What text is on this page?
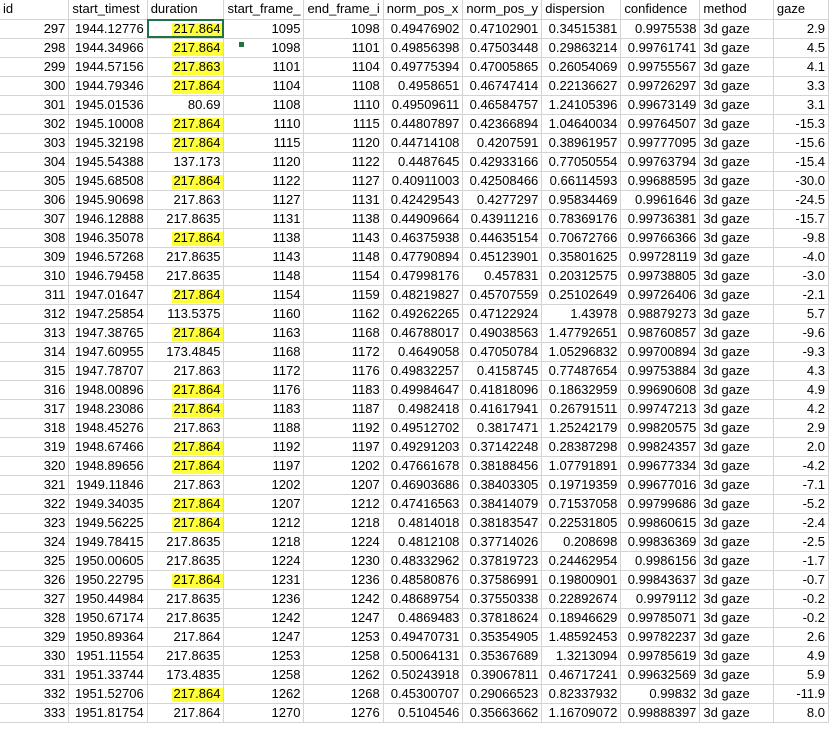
id	start_timest	duration	start_frame_	end_frame_i	norm_pos_x	norm_pos_y	dispersion	confidence	method	gaze
297	1944.12776	217.864	1095	1098	0.49476902	0.47102901	0.34515381	0.9975538	3d gaze	2.9
298	1944.34966	217.864	1098	1101	0.49856398	0.47503448	0.29863214	0.99761741	3d gaze	4.5
299	1944.57156	217.863	1101	1104	0.49775394	0.47005865	0.26054069	0.99755567	3d gaze	4.1
300	1944.79346	217.864	1104	1108	0.4958651	0.46747414	0.22136627	0.99726297	3d gaze	3.3
301	1945.01536	80.69	1108	1110	0.49509611	0.46584757	1.24105396	0.99673149	3d gaze	3.1
302	1945.10008	217.864	1110	1115	0.44807897	0.42366894	1.04640034	0.99764507	3d gaze	-15.3
303	1945.32198	217.864	1115	1120	0.44714108	0.4207591	0.38961957	0.99777095	3d gaze	-15.6
304	1945.54388	137.173	1120	1122	0.4487645	0.42933166	0.77050554	0.99763794	3d gaze	-15.4
305	1945.68508	217.864	1122	1127	0.40911003	0.42508466	0.66114593	0.99688595	3d gaze	-30.0
306	1945.90698	217.863	1127	1131	0.42429543	0.4277297	0.95834469	0.9961646	3d gaze	-24.5
307	1946.12888	217.8635	1131	1138	0.44909664	0.43911216	0.78369176	0.99736381	3d gaze	-15.7
308	1946.35078	217.864	1138	1143	0.46375938	0.44635154	0.70672766	0.99766366	3d gaze	-9.8
309	1946.57268	217.8635	1143	1148	0.47790894	0.45123901	0.35801625	0.99728119	3d gaze	-4.0
310	1946.79458	217.8635	1148	1154	0.47998176	0.457831	0.20312575	0.99738805	3d gaze	-3.0
311	1947.01647	217.864	1154	1159	0.48219827	0.45707559	0.25102649	0.99726406	3d gaze	-2.1
312	1947.25854	113.5375	1160	1162	0.49262265	0.47122924	1.43978	0.98879273	3d gaze	5.7
313	1947.38765	217.864	1163	1168	0.46788017	0.49038563	1.47792651	0.98760857	3d gaze	-9.6
314	1947.60955	173.4845	1168	1172	0.4649058	0.47050784	1.05296832	0.99700894	3d gaze	-9.3
315	1947.78707	217.863	1172	1176	0.49832257	0.4158745	0.77487654	0.99753884	3d gaze	4.3
316	1948.00896	217.864	1176	1183	0.49984647	0.41818096	0.18632959	0.99690608	3d gaze	4.9
317	1948.23086	217.864	1183	1187	0.4982418	0.41617941	0.26791511	0.99747213	3d gaze	4.2
318	1948.45276	217.863	1188	1192	0.49512702	0.3817471	1.25242179	0.99820575	3d gaze	2.9
319	1948.67466	217.864	1192	1197	0.49291203	0.37142248	0.28387298	0.99824357	3d gaze	2.0
320	1948.89656	217.864	1197	1202	0.47661678	0.38188456	1.07791891	0.99677334	3d gaze	-4.2
321	1949.11846	217.863	1202	1207	0.46903686	0.38403305	0.19719359	0.99677016	3d gaze	-7.1
322	1949.34035	217.864	1207	1212	0.47416563	0.38414079	0.71537058	0.99799686	3d gaze	-5.2
323	1949.56225	217.864	1212	1218	0.4814018	0.38183547	0.22531805	0.99860615	3d gaze	-2.4
324	1949.78415	217.8635	1218	1224	0.4812108	0.37714026	0.208698	0.99836369	3d gaze	-2.5
325	1950.00605	217.8635	1224	1230	0.48332962	0.37819723	0.24462954	0.9986156	3d gaze	-1.7
326	1950.22795	217.864	1231	1236	0.48580876	0.37586991	0.19800901	0.99843637	3d gaze	-0.7
327	1950.44984	217.8635	1236	1242	0.48689754	0.37550338	0.22892674	0.9979112	3d gaze	-0.2
328	1950.67174	217.8635	1242	1247	0.4869483	0.37818624	0.18946629	0.99785071	3d gaze	-0.2
329	1950.89364	217.864	1247	1253	0.49470731	0.35354905	1.48592453	0.99782237	3d gaze	2.6
330	1951.11554	217.8635	1253	1258	0.50064131	0.35367689	1.3213094	0.99785619	3d gaze	4.9
331	1951.33744	173.4835	1258	1262	0.50243918	0.39067811	0.46717241	0.99632569	3d gaze	5.9
332	1951.52706	217.864	1262	1268	0.45300707	0.29066523	0.82337932	0.99832	3d gaze	-11.9
333	1951.81754	217.864	1270	1276	0.5104546	0.35663662	1.16709072	0.99888397	3d gaze	8.0
